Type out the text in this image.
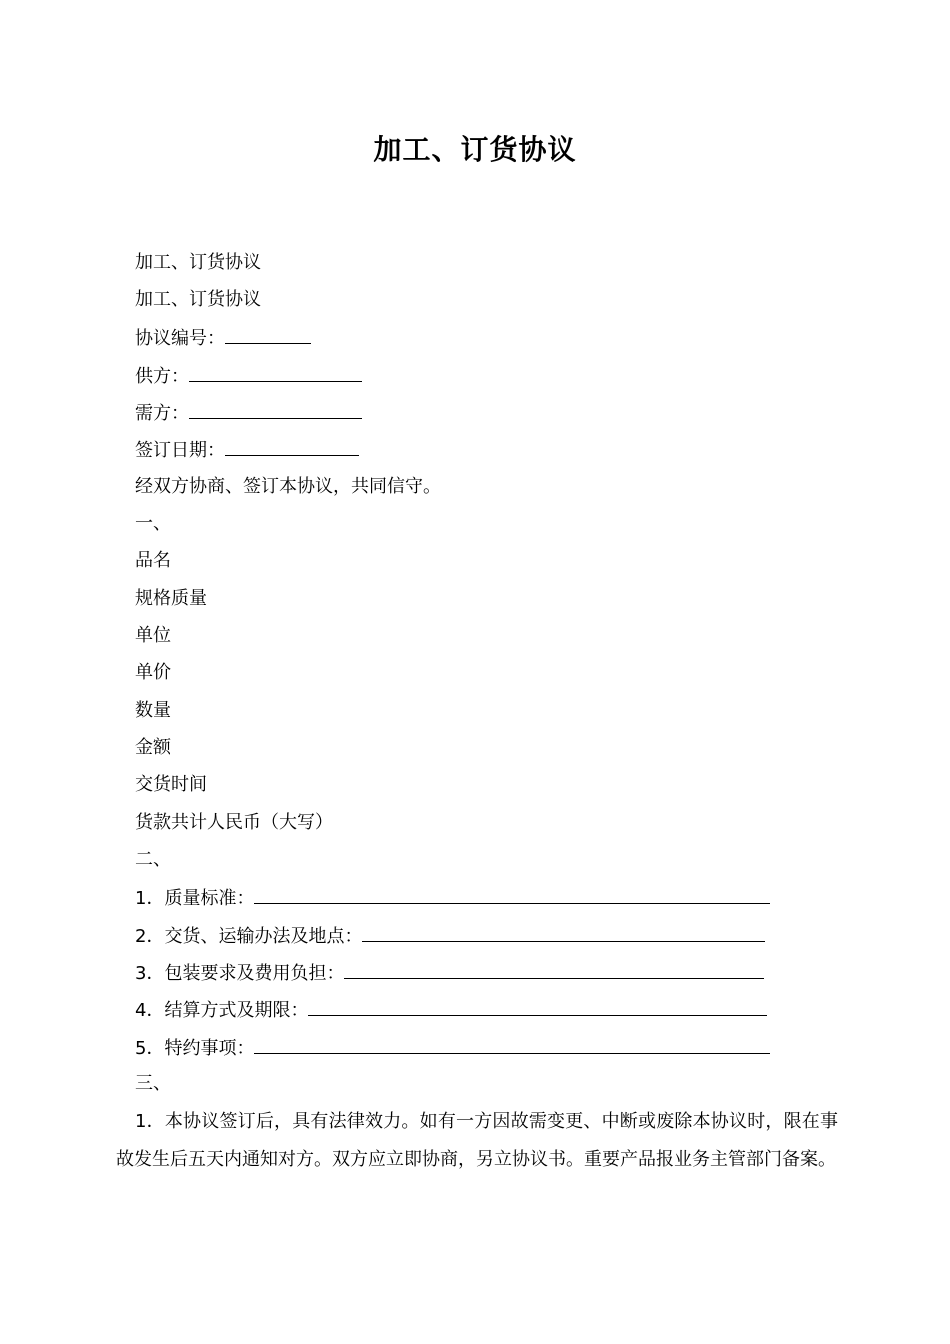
加工、订货协议
加工、订货协议
加工、订货协议
协议编号：
供方：
需方：
签订日期：
经双方协商、签订本协议，共同信守。
一、
品名
规格质量
单位
单价
数量
金额
交货时间
货款共计人民币（大写）
二、
1．质量标准：
2．交货、运输办法及地点：
3．包装要求及费用负担：
4．结算方式及期限：
5．特约事项：
三、
1．本协议签订后，具有法律效力。如有一方因故需变更、中断或废除本协议时，限在事故发生后五天内通知对方。双方应立即协商，另立协议书。重要产品报业务主管部门备案。
